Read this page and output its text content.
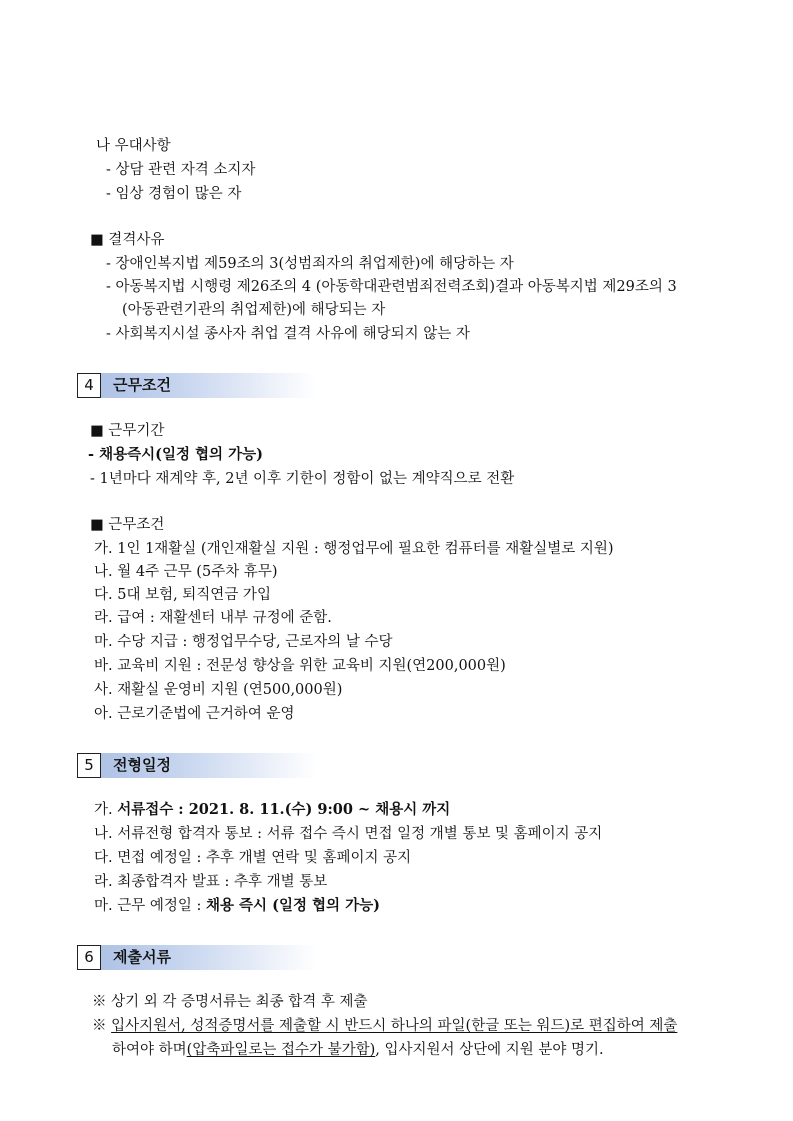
나 우대사항
- 상담 관련 자격 소지자
- 임상 경험이 많은 자
■ 결격사유
- 장애인복지법 제59조의 3(성범죄자의 취업제한)에 해당하는 자
- 아동복지법 시행령 제26조의 4 (아동학대관련범죄전력조회)결과 아동복지법 제29조의 3
(아동관련기관의 취업제한)에 해당되는 자
- 사회복지시설 종사자 취업 결격 사유에 해당되지 않는 자
4	근무조건
■ 근무기간
- 채용즉시(일정 협의 가능)
- 1년마다 재계약 후, 2년 이후 기한이 정함이 없는 계약직으로 전환
■ 근무조건
가. 1인 1재활실 (개인재활실 지원 : 행정업무에 필요한 컴퓨터를 재활실별로 지원)
나. 월 4주 근무 (5주차 휴무)
다. 5대 보험, 퇴직연금 가입
라. 급여 : 재활센터 내부 규정에 준함.
마. 수당 지급 : 행정업무수당, 근로자의 날 수당
바. 교육비 지원 : 전문성 향상을 위한 교육비 지원(연200,000원)
사. 재활실 운영비 지원 (연500,000원)
아. 근로기준법에 근거하여 운영
5	전형일정
가. 서류접수 : 2021. 8. 11.(수) 9:00 ~ 채용시 까지
나. 서류전형 합격자 통보 : 서류 접수 즉시 면접 일정 개별 통보 및 홈페이지 공지
다. 면접 예정일 : 추후 개별 연락 및 홈페이지 공지
라. 최종합격자 발표 : 추후 개별 통보
마. 근무 예정일 : 채용 즉시 (일정 협의 가능)
6	제출서류
※ 상기 외 각 증명서류는 최종 합격 후 제출
※ 입사지원서, 성적증명서를 제출할 시 반드시 하나의 파일(한글 또는 워드)로 편집하여 제출
하여야 하며(압축파일로는 접수가 불가함), 입사지원서 상단에 지원 분야 명기.
